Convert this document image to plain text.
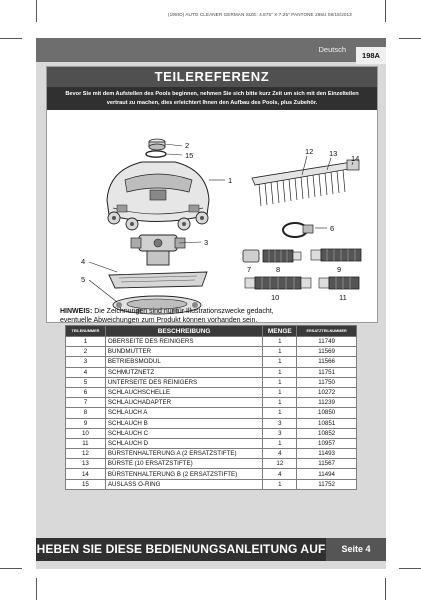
(198IO) AUTO CLEANER GERMAN SIZE: 4.875" X 7.25" PANTONE 295U 08/16/2013
Deutsch
198A
TEILEREFERENZ
Bevor Sie mit dem Aufstellen des Pools beginnen, nehmen Sie sich bitte kurz Zeit um sich mit den Einzelteilen
vertraut zu machen, dies erleichtert Ihnen den Aufbau des Pools, plus Zubehör.
2
15
1
3
4
5
6
7	8	9
10	11
12 13
14
HINWEIS: Die Zeichnungen sind nur für Illustrationszwecke gedacht,
eventuelle Abweichungen zum Produkt können vorhanden sein.
TEILENUMMER	BESCHREIBUNG	MENGE	ERSATZTEILNUMMER
1	OBERSEITE DES REINIGERS	1	11749
2	BUNDMUTTER	1	11569
3	BETRIEBSMODUL	1	11566
4	SCHMUTZNETZ	1	11751
5	UNTERSEITE DES REINIGERS	1	11750
6	SCHLAUCHSCHELLE	1	10272
7	SCHLAUCHADAPTER	1	11239
8	SCHLAUCH A	1	10850
9	SCHLAUCH B	3	10851
10	SCHLAUCH C	3	10852
11	SCHLAUCH D	1	10957
12	BÜRSTENHALTERUNG A (2 ERSATZSTIFTE)	4	11493
13	BÜRSTE (10 ERSATZSTIFTE)	12	11567
14	BÜRSTENHALTERUNG B (2 ERSATZSTIFTE)	4	11494
15	AUSLASS O-RING	1	11752
HEBEN SIE DIESE BEDIENUNGSANLEITUNG AUF	Seite 4
